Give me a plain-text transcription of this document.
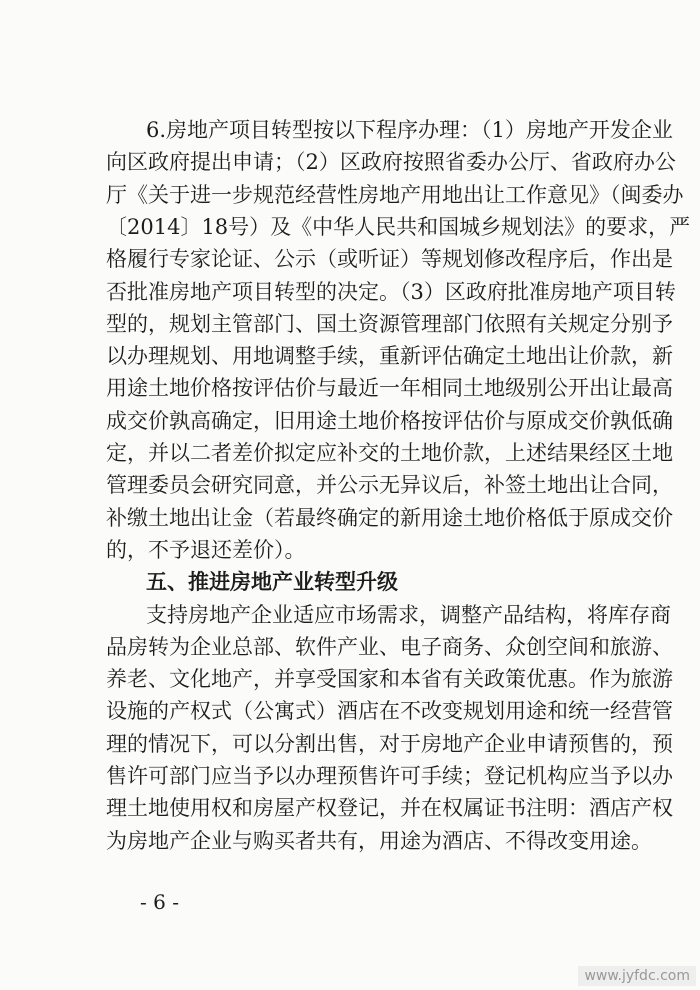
6.房地产项目转型按以下程序办理：（1）房地产开发企业
向区政府提出申请；（2）区政府按照省委办公厅、省政府办公
厅《关于进一步规范经营性房地产用地出让工作意见》（闽委办
〔2014〕18号）及《中华人民共和国城乡规划法》的要求，严
格履行专家论证、公示（或听证）等规划修改程序后，作出是
否批准房地产项目转型的决定。（3）区政府批准房地产项目转
型的，规划主管部门、国土资源管理部门依照有关规定分别予
以办理规划、用地调整手续，重新评估确定土地出让价款，新
用途土地价格按评估价与最近一年相同土地级别公开出让最高
成交价孰高确定，旧用途土地价格按评估价与原成交价孰低确
定，并以二者差价拟定应补交的土地价款，上述结果经区土地
管理委员会研究同意，并公示无异议后，补签土地出让合同，
补缴土地出让金（若最终确定的新用途土地价格低于原成交价
的，不予退还差价）。
五、推进房地产业转型升级
支持房地产企业适应市场需求，调整产品结构，将库存商
品房转为企业总部、软件产业、电子商务、众创空间和旅游、
养老、文化地产，并享受国家和本省有关政策优惠。作为旅游
设施的产权式（公寓式）酒店在不改变规划用途和统一经营管
理的情况下，可以分割出售，对于房地产企业申请预售的，预
售许可部门应当予以办理预售许可手续；登记机构应当予以办
理土地使用权和房屋产权登记，并在权属证书注明：酒店产权
为房地产企业与购买者共有，用途为酒店、不得改变用途。
- 6 -
www.jyfdc.com
